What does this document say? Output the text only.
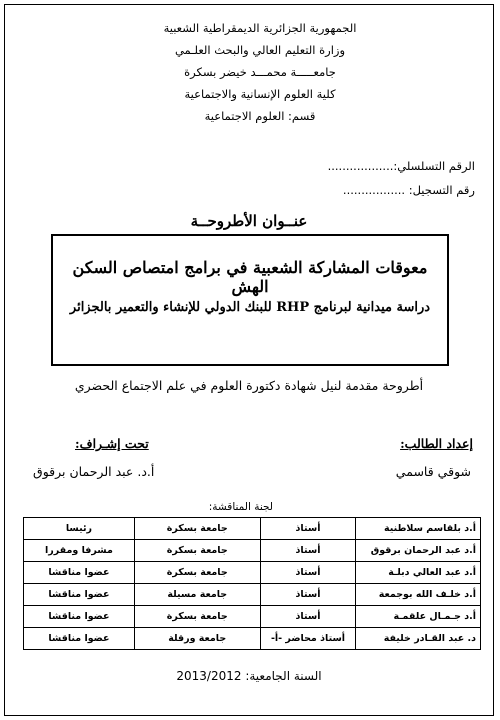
الجمهورية الجزائرية الديمقراطية الشعبية
وزارة التعليم العالي والبحث العلـمي
جامعـــــة محمـــد خيضر بسكرة
كلية العلوم الإنسانية والاجتماعية
قسم: العلوم الاجتماعية
الرقم التسلسلي:..................
رقم التسجيل: .................
عنــوان الأطروحــة
معوقات المشاركة الشعبية في برامج امتصاص السكن الهش
دراسة ميدانية لبرنامج RHP للبنك الدولي للإنشاء والتعمير بالجزائر
أطروحة مقدمة لنيل شهادة دكتورة العلوم في علم الاجتماع الحضري
إعداد الطالب:
تحت إشـراف:
شوقي قاسمي
أ.د. عبد الرحمان برقوق
لجنة المناقشة:
أ.د بلقاسم سلاطنية	أستاذ	جامعة بسكرة	رئيسا
أ.د عبد الرحمان برقوق	أستاذ	جامعة بسكرة	مشرفا ومقررا
أ.د عبد العالي دبلـة	أستاذ	جامعة بسكرة	عضوا مناقشا
أ.د خلـف الله بوجمعة	أستاذ	جامعة مسيلة	عضوا مناقشا
أ.د جـمـال علقمـة	أستاذ	جامعة بسكرة	عضوا مناقشا
د. عبد القـادر خليفة	أستاذ محاضر -أ-	جامعة ورقلة	عضوا مناقشا
السنة الجامعية: 2013/2012
